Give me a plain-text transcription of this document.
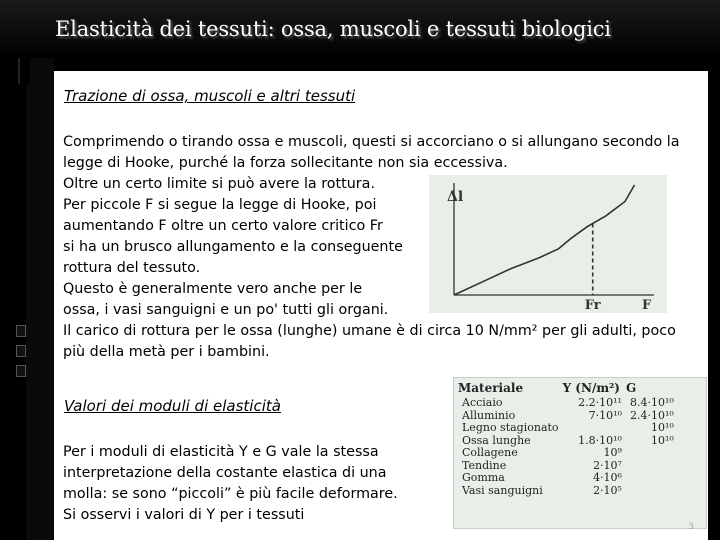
Elasticità dei tessuti: ossa, muscoli e tessuti biologici
Trazione di ossa, muscoli e altri tessuti
Comprimendo o tirando ossa e muscoli, questi si accorciano o si allungano secondo la
legge di Hooke, purché la forza sollecitante non sia eccessiva.
Oltre un certo limite si può avere la rottura.
Per piccole F si segue la legge di Hooke, poi
aumentando F oltre un certo valore critico Fr
si ha un brusco allungamento e la conseguente
rottura del tessuto.
Questo è generalmente vero anche per le
ossa, i vasi sanguigni e un po' tutti gli organi.
Il carico di rottura per le ossa (lunghe) umane è di circa 10 N/mm² per gli adulti, poco
più della metà per i bambini.
Δl
F
Fr
Valori dei moduli di elasticità
Per i moduli di elasticità Y e G vale la stessa
interpretazione della costante elastica di una
molla: se sono “piccoli” è più facile deformare.
Si osservi i valori di Y per i tessuti
Materiale	Y (N/m²)	G
Acciaio	2.2·10¹¹	8.4·10¹⁰
Alluminio	7·10¹⁰	2.4·10¹⁰
Legno stagionato		10¹⁰
Ossa lunghe	1.8·10¹⁰	10¹⁰
Collagene	10⁹	
Tendine	2·10⁷	
Gomma	4·10⁶	
Vasi sanguigni	2·10⁵	
3
